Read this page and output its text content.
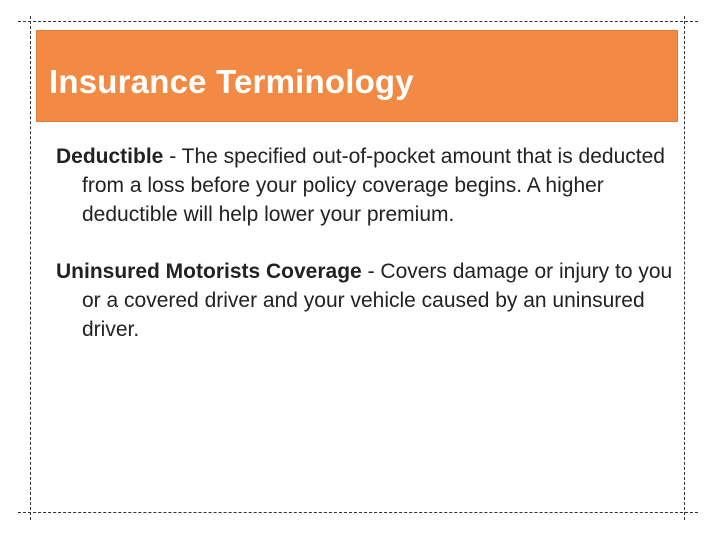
Insurance Terminology

Deductible - The specified out-of-pocket amount that is deducted from a loss before your policy coverage begins. A higher deductible will help lower your premium.

Uninsured Motorists Coverage - Covers damage or injury to you or a covered driver and your vehicle caused by an uninsured driver.
